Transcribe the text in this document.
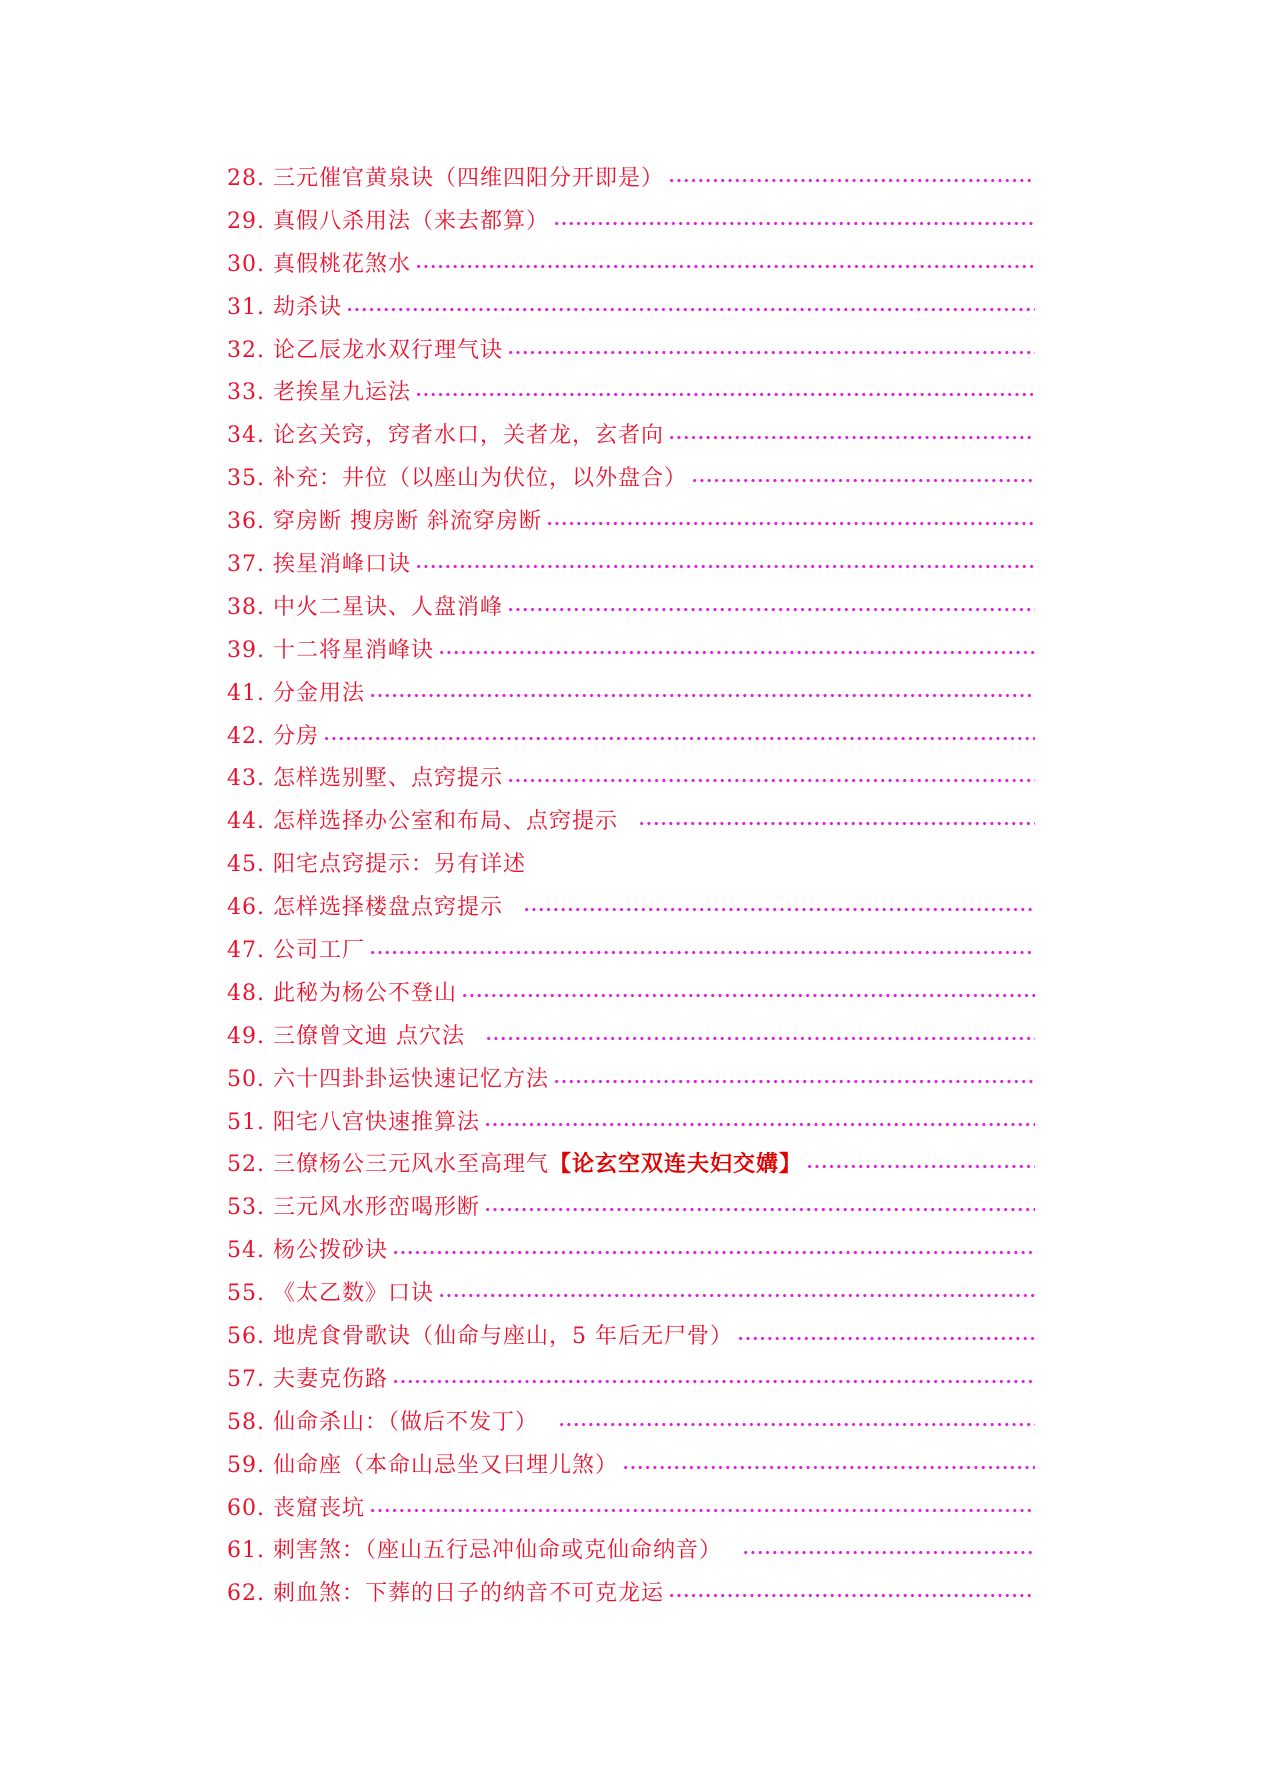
28. 三元催官黄泉诀（四维四阳分开即是）
29. 真假八杀用法（来去都算）
30. 真假桃花煞水
31. 劫杀诀
32. 论乙辰龙水双行理气诀
33. 老挨星九运法
34. 论玄关窍，窍者水口，关者龙，玄者向
35. 补充：井位（以座山为伏位，以外盘合）
36. 穿房断 搜房断 斜流穿房断
37. 挨星消峰口诀
38. 中火二星诀、人盘消峰
39. 十二将星消峰诀
41. 分金用法
42. 分房
43. 怎样选别墅、点窍提示
44. 怎样选择办公室和布局、点窍提示
45. 阳宅点窍提示：另有详述
46. 怎样选择楼盘点窍提示
47. 公司工厂
48. 此秘为杨公不登山
49. 三僚曾文迪 点穴法
50. 六十四卦卦运快速记忆方法
51. 阳宅八宫快速推算法
52. 三僚杨公三元风水至高理气【论玄空双连夫妇交媾】
53. 三元风水形峦喝形断
54. 杨公拨砂诀
55. 《太乙数》口诀
56. 地虎食骨歌诀（仙命与座山，5 年后无尸骨）
57. 夫妻克伤路
58. 仙命杀山：（做后不发丁）
59. 仙命座（本命山忌坐又曰埋儿煞）
60. 丧窟丧坑
61. 刺害煞：（座山五行忌冲仙命或克仙命纳音）
62. 刺血煞：下葬的日子的纳音不可克龙运
